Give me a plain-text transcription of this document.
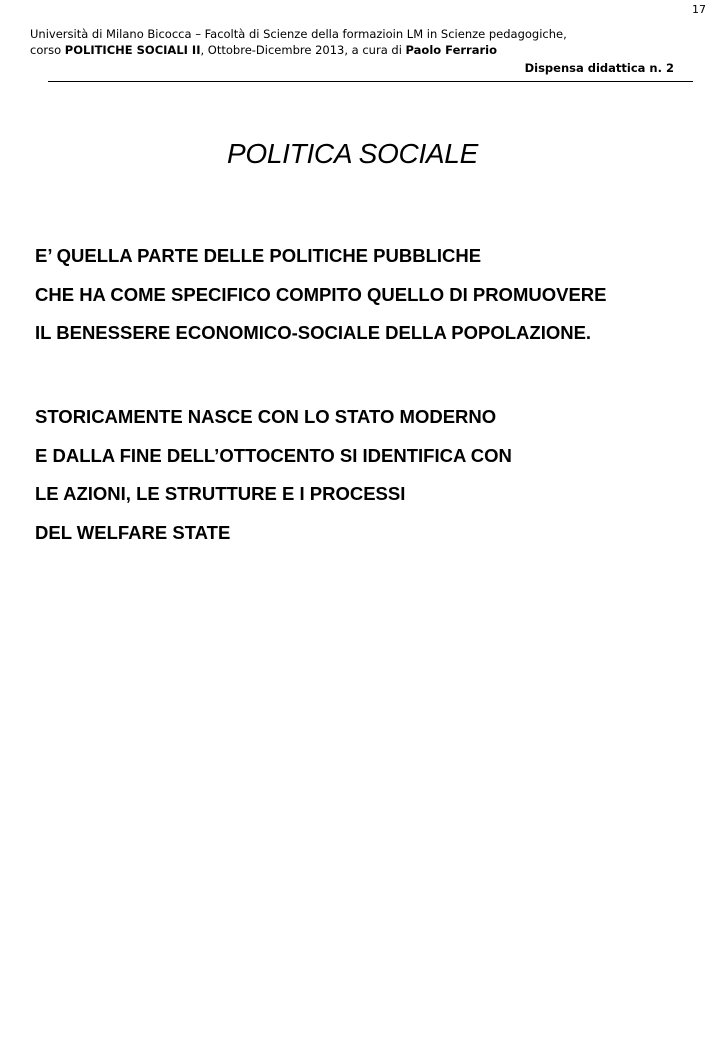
17
Università di Milano Bicocca – Facoltà di Scienze della formazioin LM in Scienze pedagogiche,
corso POLITICHE SOCIALI II, Ottobre-Dicembre 2013, a cura di Paolo Ferrario
Dispensa didattica n. 2
POLITICA SOCIALE
E’ QUELLA PARTE DELLE POLITICHE PUBBLICHE
CHE HA COME SPECIFICO COMPITO QUELLO DI PROMUOVERE
IL BENESSERE ECONOMICO-SOCIALE DELLA POPOLAZIONE.
STORICAMENTE NASCE CON LO STATO MODERNO
E DALLA FINE DELL’OTTOCENTO SI IDENTIFICA CON
LE AZIONI, LE STRUTTURE E I PROCESSI
DEL WELFARE STATE
